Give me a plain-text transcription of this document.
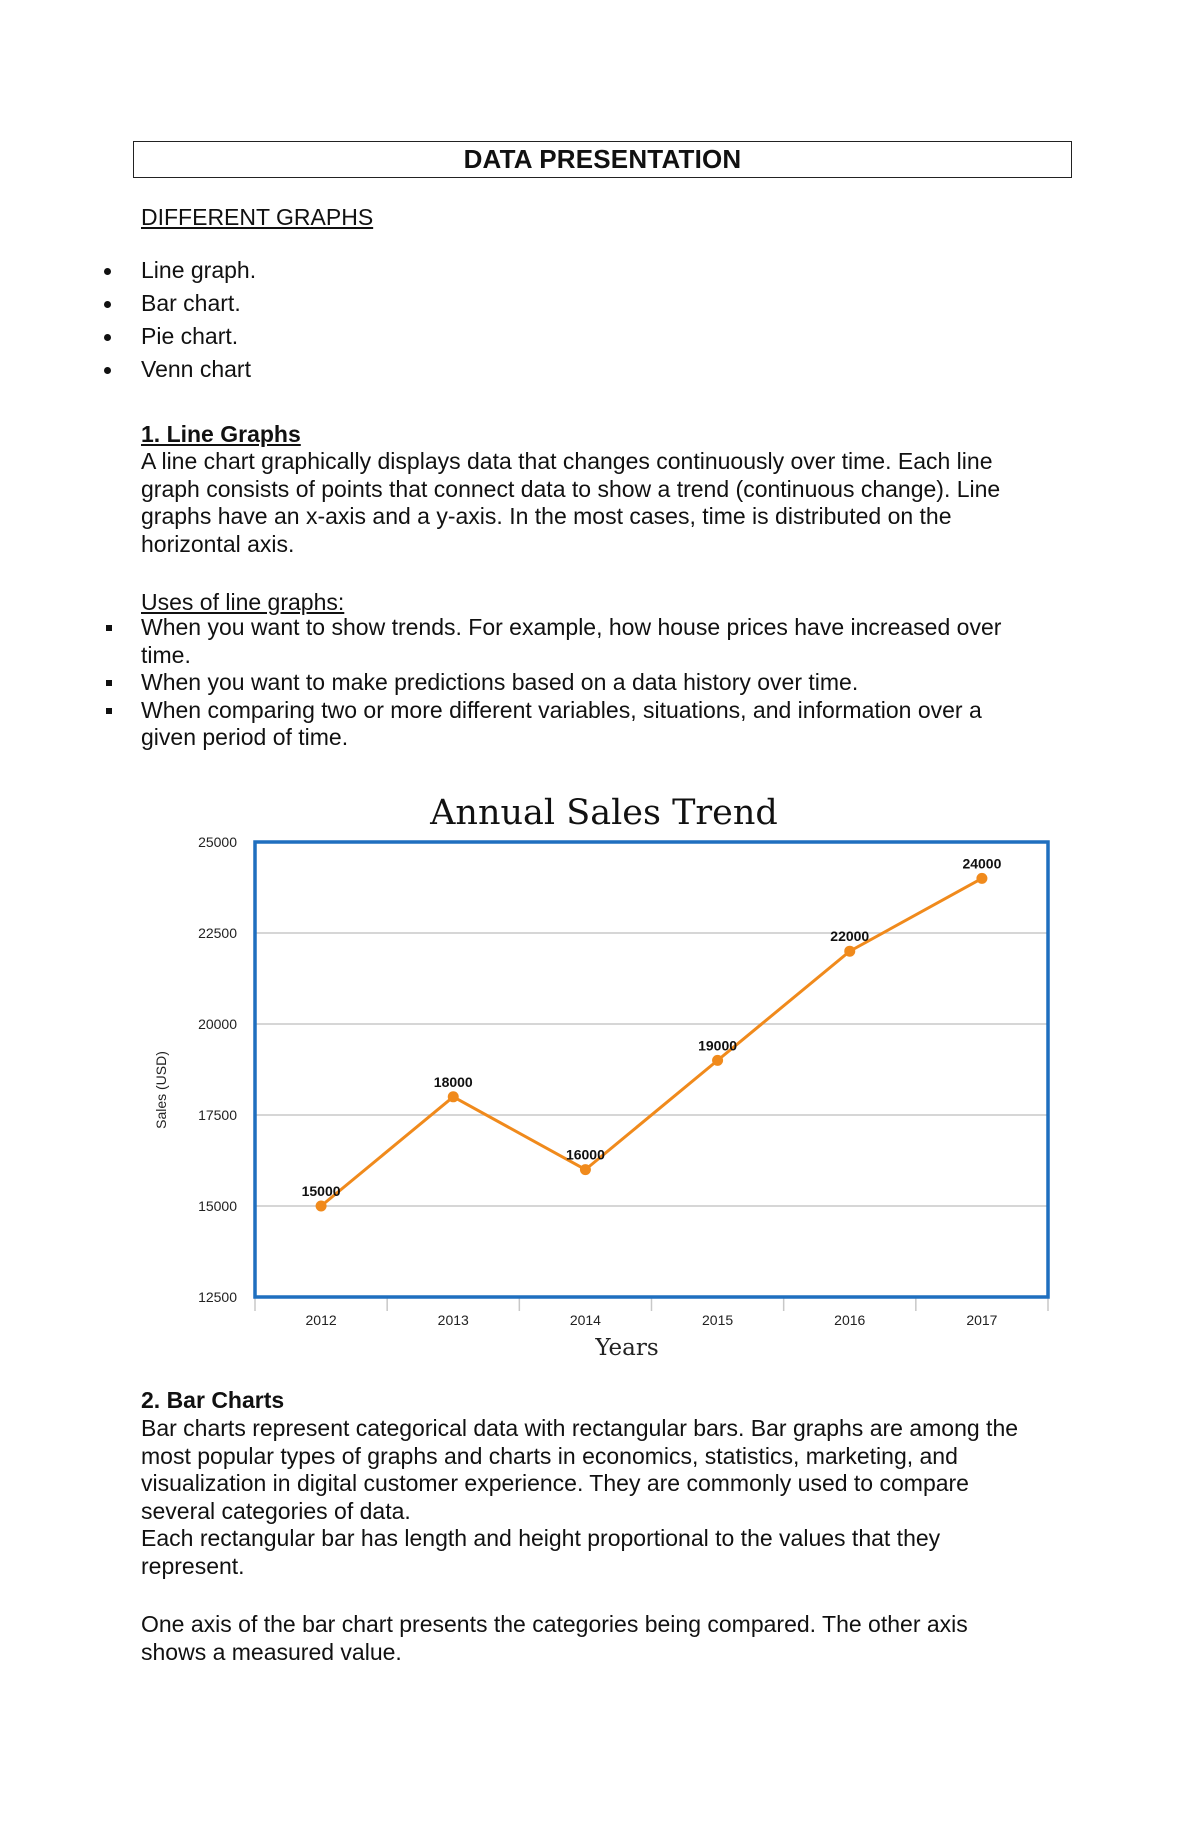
DATA PRESENTATION
DIFFERENT GRAPHS
Line graph.
Bar chart.
Pie chart.
Venn chart
1. Line Graphs
A line chart graphically displays data that changes continuously over time. Each line
graph consists of points that connect data to show a trend (continuous change). Line
graphs have an x-axis and a y-axis. In the most cases, time is distributed on the
horizontal axis.
Uses of line graphs:
When you want to show trends. For example, how house prices have increased over
time.
When you want to make predictions based on a data history over time.
When comparing two or more different variables, situations, and information over a
given period of time.
Annual Sales Trend
25000
22500
20000
17500
15000
12500
2012	2013	2014	2015	2016	2017
15000
18000
16000
19000
22000
24000
Sales (USD)
Years
2. Bar Charts
Bar charts represent categorical data with rectangular bars. Bar graphs are among the
most popular types of graphs and charts in economics, statistics, marketing, and
visualization in digital customer experience. They are commonly used to compare
several categories of data.
Each rectangular bar has length and height proportional to the values that they
represent.
One axis of the bar chart presents the categories being compared. The other axis
shows a measured value.
